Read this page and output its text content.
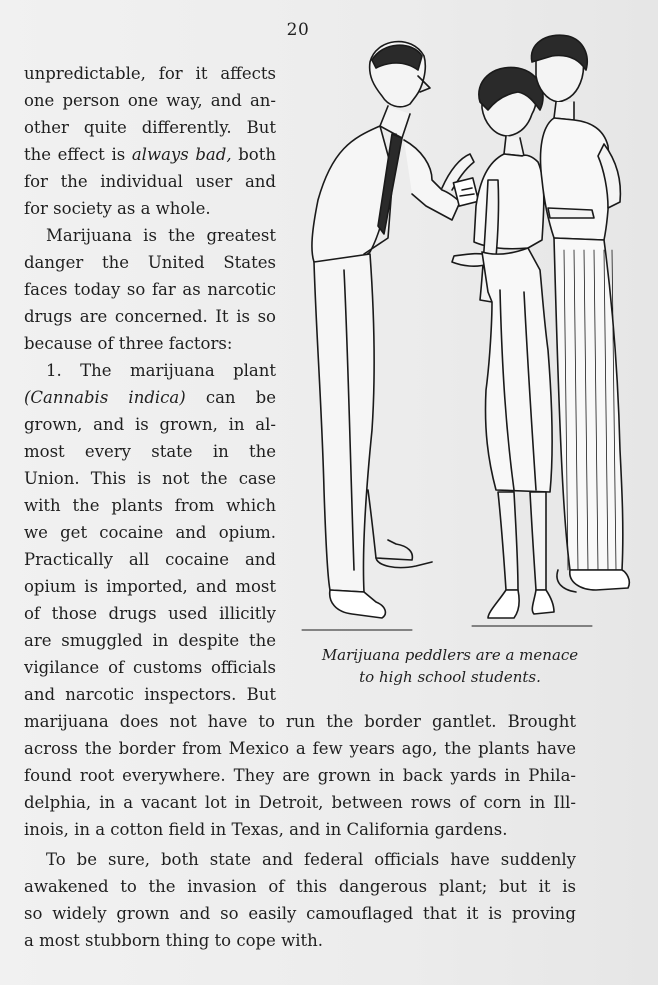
20
unpredictable, for it affects
one person one way, and an-
other quite differently. But
the effect is always bad, both
for the individual user and
for society as a whole.
Marijuana is the greatest
danger the United States
faces today so far as narcotic
drugs are concerned. It is so
because of three factors:
1. The marijuana plant
(Cannabis indica) can be
grown, and is grown, in al-
most every state in the
Union. This is not the case
with the plants from which
we get cocaine and opium.
Practically all cocaine and
opium is imported, and most
of those drugs used illicitly
are smuggled in despite the
vigilance of customs officials
and narcotic inspectors. But
marijuana does not have to run the border gantlet. Brought
across the border from Mexico a few years ago, the plants have
found root everywhere. They are grown in back yards in Phila-
delphia, in a vacant lot in Detroit, between rows of corn in Ill-
inois, in a cotton field in Texas, and in California gardens.
To be sure, both state and federal officials have suddenly
awakened to the invasion of this dangerous plant; but it is
so widely grown and so easily camouflaged that it is proving
a most stubborn thing to cope with.
Marijuana peddlers are a menace
to high school students.
